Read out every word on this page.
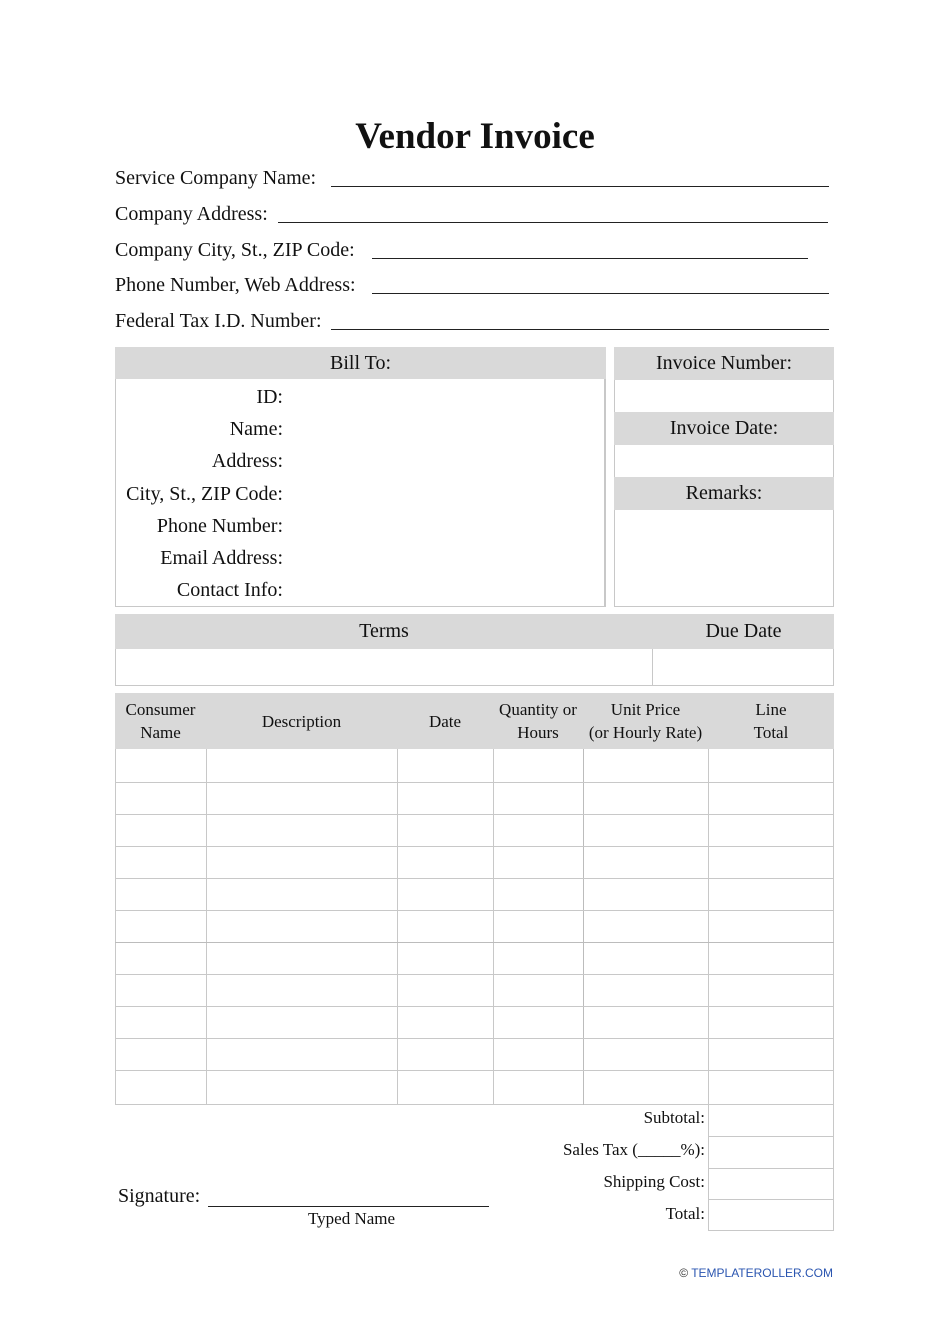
Vendor Invoice
Service Company Name:
Company Address:
Company City, St., ZIP Code:
Phone Number, Web Address:
Federal Tax I.D. Number:
Bill To:
ID:
Name:
Address:
City, St., ZIP Code:
Phone Number:
Email Address:
Contact Info:
Invoice Number:
Invoice Date:
Remarks:
Terms	Due Date
Consumer
Name
Description	Date
Quantity or
Hours
Unit Price
(or Hourly Rate)
Line
Total
Subtotal:
Sales Tax (_____%):
Shipping Cost:
Total:
Signature:
Typed Name
© TEMPLATEROLLER.COM
